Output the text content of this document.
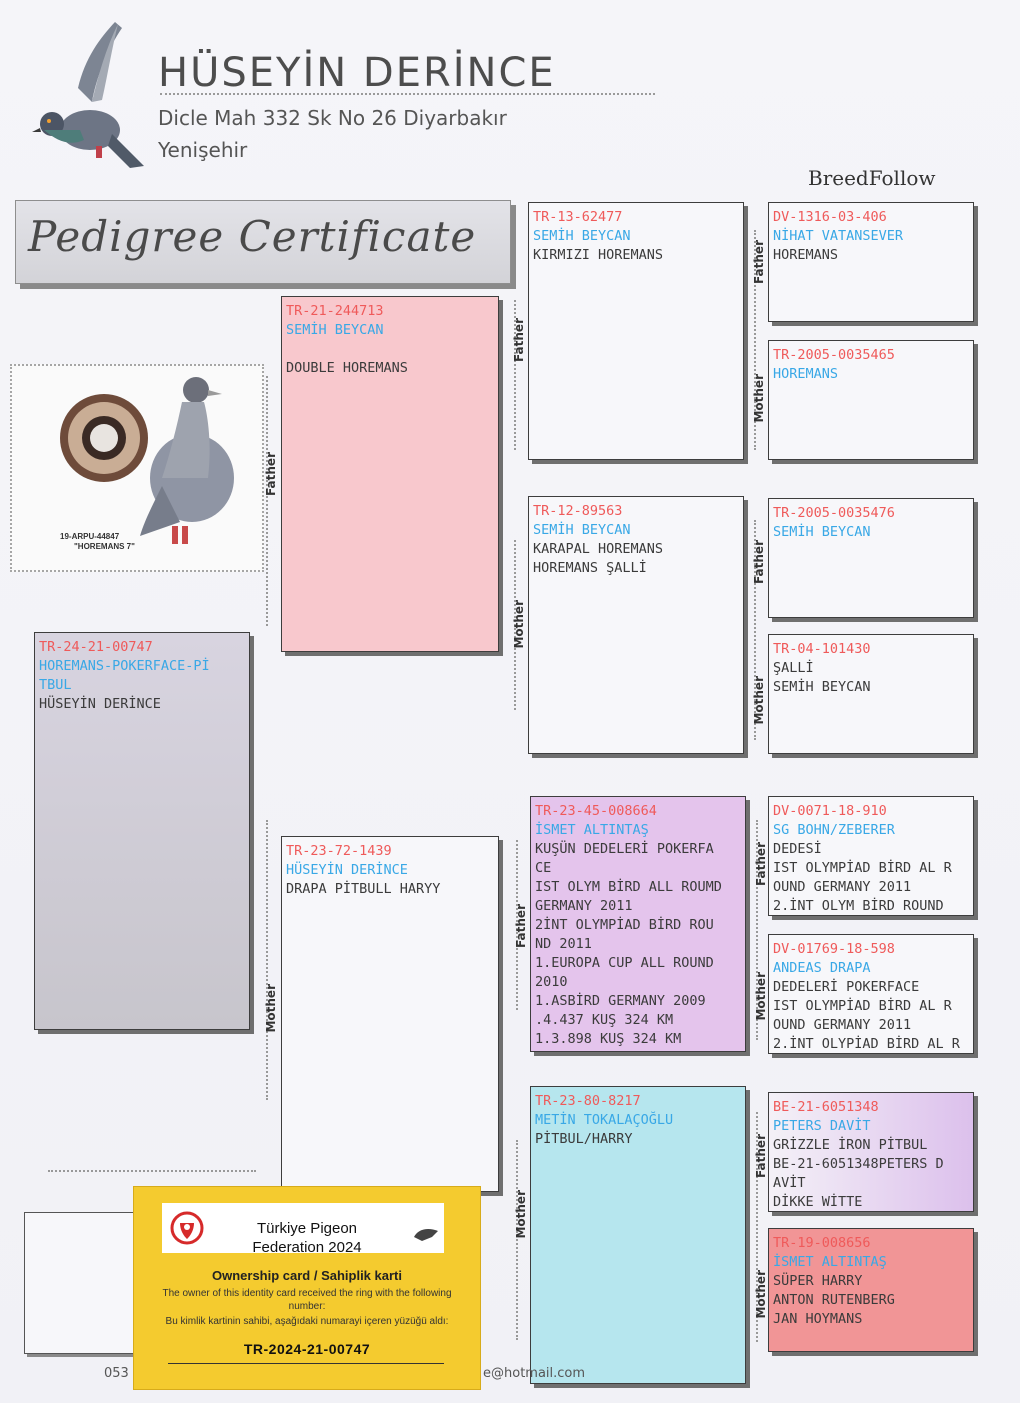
HÜSEYİN DERİNCE
Dicle Mah 332 Sk No 26 Diyarbakır
Yenişehir
BreedFollow
Pedigree Certificate
19-ARPU-44847
"HOREMANS 7"
TR-24-21-00747
HOREMANS-POKERFACE-Pİ
TBUL
HÜSEYİN DERİNCE
TR-21-244713
SEMİH BEYCAN
DOUBLE HOREMANS
TR-23-72-1439
HÜSEYİN DERİNCE
DRAPA PİTBULL HARYY
TR-13-62477
SEMİH BEYCAN
KIRMIZI HOREMANS
TR-12-89563
SEMİH BEYCAN
KARAPAL HOREMANS
HOREMANS ŞALLİ
TR-23-45-008664
İSMET ALTINTAŞ
KUŞÜN DEDELERİ POKERFA
CE
IST OLYM BİRD ALL ROUMD
GERMANY 2011
2İNT OLYMPİAD BİRD ROU
ND 2011
1.EUROPA CUP ALL ROUND
2010
1.ASBİRD GERMANY 2009
.4.437 KUŞ 324 KM
1.3.898 KUŞ 324 KM
TR-23-80-8217
METİN TOKALAÇOĞLU
PİTBUL/HARRY
DV-1316-03-406
NİHAT VATANSEVER
HOREMANS
TR-2005-0035465
HOREMANS
TR-2005-0035476
SEMİH BEYCAN
TR-04-101430
ŞALLİ
SEMİH BEYCAN
DV-0071-18-910
SG BOHN/ZEBERER
DEDESİ
IST OLYMPİAD BİRD AL R
OUND GERMANY 2011
2.İNT OLYM BİRD ROUND
DV-01769-18-598
ANDEAS DRAPA
DEDELERİ POKERFACE
IST OLYMPİAD BİRD AL R
OUND GERMANY 2011
2.İNT OLYPİAD BİRD AL R
BE-21-6051348
PETERS DAVİT
GRİZZLE İRON PİTBUL
BE-21-6051348PETERS D
AVİT
DİKKE WİTTE
TR-19-008656
İSMET ALTINTAŞ
SÜPER HARRY
ANTON RUTENBERG
JAN HOYMANS
Father
Mother
Father
Mother
Father
Mother
Father
Mother
Father
Mother
Father
Mother
Father
Mother
053	e@hotmail.com
Türkiye Pigeon Federation 2024
Ownership card / Sahiplik karti
The owner of this identity card received the ring with the following number:
Bu kimlik kartinin sahibi, aşağıdaki numarayi içeren yüzüğü aldı:
TR-2024-21-00747
